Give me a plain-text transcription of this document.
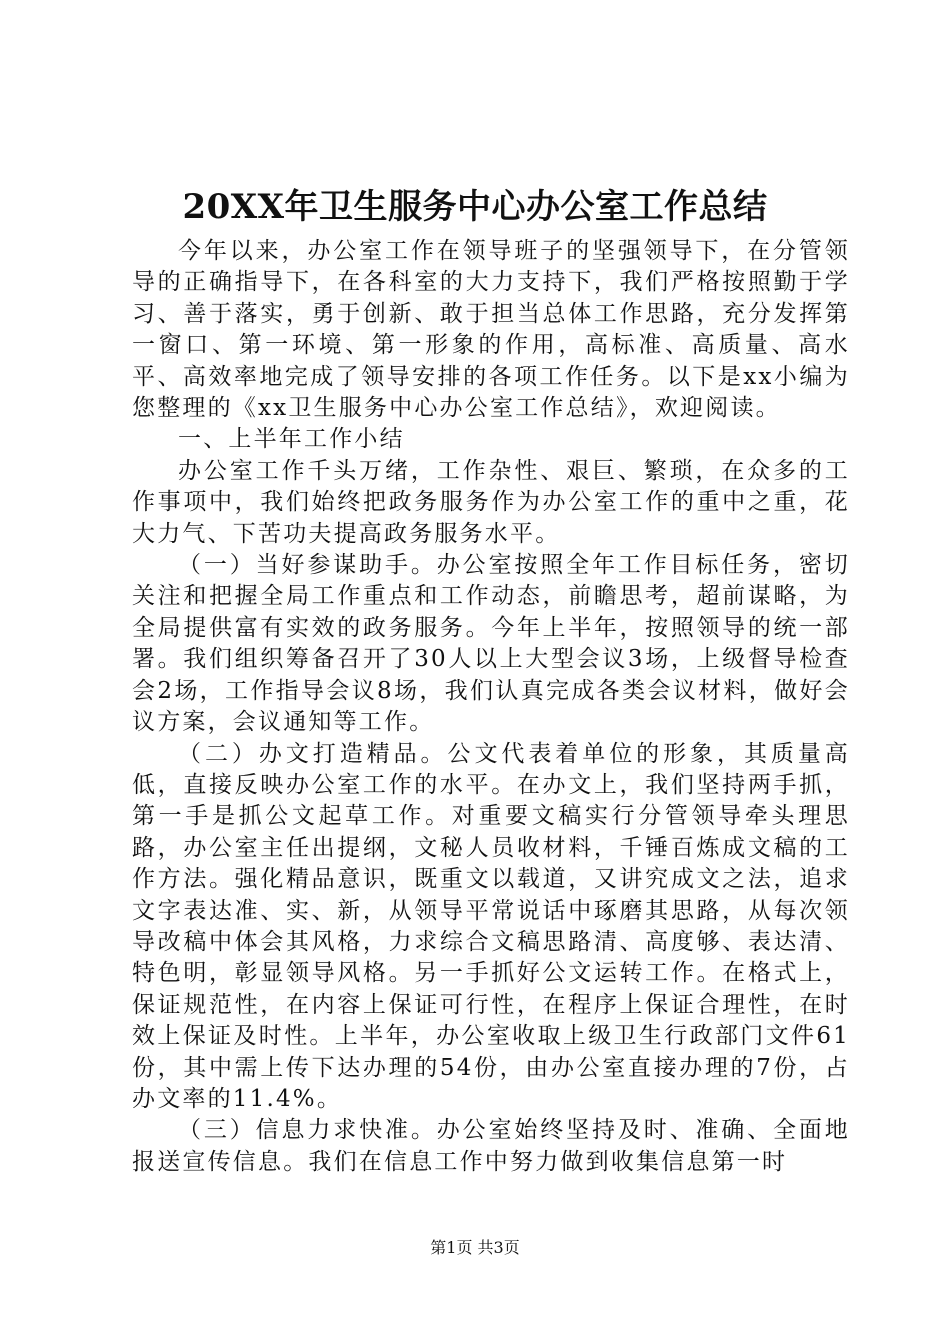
20XX年卫生服务中心办公室工作总结

今年以来，办公室工作在领导班子的坚强领导下，在分管领导的正确指导下，在各科室的大力支持下，我们严格按照勤于学习、善于落实，勇于创新、敢于担当总体工作思路，充分发挥第一窗口、第一环境、第一形象的作用，高标准、高质量、高水平、高效率地完成了领导安排的各项工作任务。以下是xx小编为您整理的《xx卫生服务中心办公室工作总结》，欢迎阅读。

一、上半年工作小结

办公室工作千头万绪，工作杂性、艰巨、繁琐，在众多的工作事项中，我们始终把政务服务作为办公室工作的重中之重，花大力气、下苦功夫提高政务服务水平。

（一）当好参谋助手。办公室按照全年工作目标任务，密切关注和把握全局工作重点和工作动态，前瞻思考，超前谋略，为全局提供富有实效的政务服务。今年上半年，按照领导的统一部署。我们组织筹备召开了30人以上大型会议3场，上级督导检查会2场，工作指导会议8场，我们认真完成各类会议材料，做好会议方案，会议通知等工作。

（二）办文打造精品。公文代表着单位的形象，其质量高低，直接反映办公室工作的水平。在办文上，我们坚持两手抓，第一手是抓公文起草工作。对重要文稿实行分管领导牵头理思路，办公室主任出提纲，文秘人员收材料，千锤百炼成文稿的工作方法。强化精品意识，既重文以载道，又讲究成文之法，追求文字表达准、实、新，从领导平常说话中琢磨其思路，从每次领导改稿中体会其风格，力求综合文稿思路清、高度够、表达清、特色明，彰显领导风格。另一手抓好公文运转工作。在格式上，保证规范性，在内容上保证可行性，在程序上保证合理性，在时效上保证及时性。上半年，办公室收取上级卫生行政部门文件61份，其中需上传下达办理的54份，由办公室直接办理的7份，占办文率的11.4%。

（三）信息力求快准。办公室始终坚持及时、准确、全面地报送宣传信息。我们在信息工作中努力做到收集信息第一时

第1页 共3页
